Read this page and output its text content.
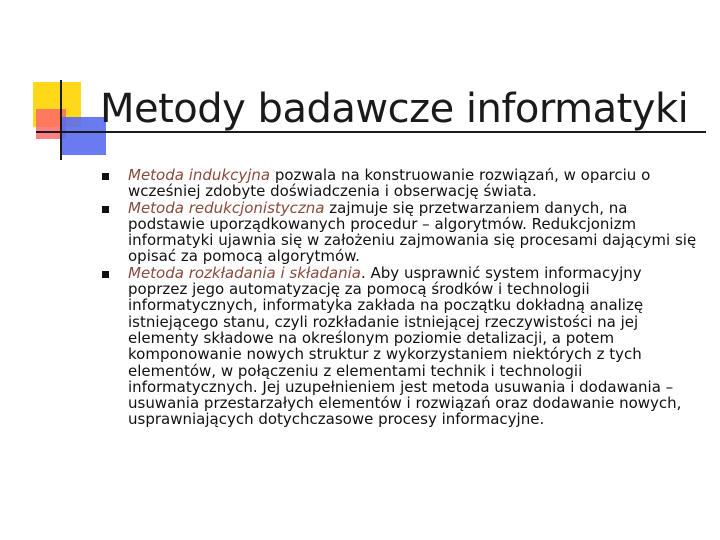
Metody badawcze informatyki
Metoda indukcyjna pozwala na konstruowanie rozwiązań, w oparciu o wcześniej zdobyte doświadczenia i obserwację świata.
Metoda redukcjonistyczna zajmuje się przetwarzaniem danych, na podstawie uporządkowanych procedur – algorytmów. Redukcjonizm informatyki ujawnia się w założeniu zajmowania się procesami dającymi się opisać za pomocą algorytmów.
Metoda rozkładania i składania. Aby usprawnić system informacyjny poprzez jego automatyzację za pomocą środków i technologii informatycznych, informatyka zakłada na początku dokładną analizę istniejącego stanu, czyli rozkładanie istniejącej rzeczywistości na jej elementy składowe na określonym poziomie detalizacji, a potem komponowanie nowych struktur z wykorzystaniem niektórych z tych elementów, w połączeniu z elementami technik i technologii informatycznych. Jej uzupełnieniem jest metoda usuwania i dodawania – usuwania przestarzałych elementów i rozwiązań oraz dodawanie nowych, usprawniających dotychczasowe procesy informacyjne.
